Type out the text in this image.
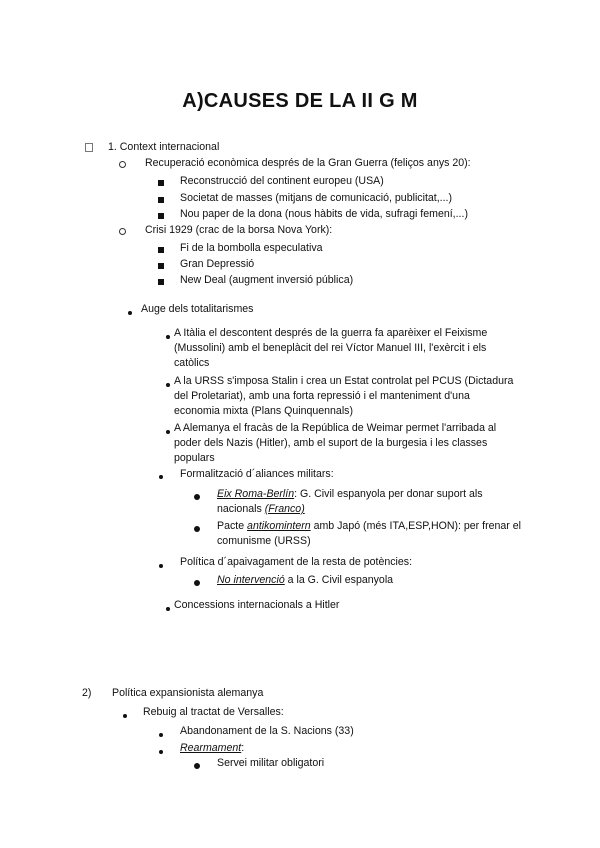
A)CAUSES DE LA II G M
1. Context internacional
Recuperació econòmica després de la Gran Guerra (feliços anys 20):
Reconstrucció del continent europeu (USA)
Societat de masses (mitjans de comunicació, publicitat,...)
Nou paper de la dona (nous hàbits de vida, sufragi femení,...)
Crisi 1929 (crac de la borsa Nova York):
Fi de la bombolla especulativa
Gran Depressió
New Deal (augment inversió pública)
Auge dels totalitarismes
A Itàlia el descontent després de la guerra fa aparèixer el Feixisme (Mussolini) amb el beneplàcit del rei Víctor Manuel III, l'exèrcit i els catòlics
A la URSS s'imposa Stalin i crea un Estat controlat pel PCUS (Dictadura del Proletariat), amb una forta repressió i el manteniment d'una economia mixta (Plans Quinquennals)
A Alemanya el fracàs de la República de Weimar permet l'arribada al poder dels Nazis (Hitler), amb el suport de la burgesia i les classes populars
Formalització d´aliances militars:
Eix Roma-Berlín: G. Civil espanyola per donar suport als nacionals (Franco)
Pacte antikomintern amb Japó (més ITA,ESP,HON): per frenar el comunisme (URSS)
Política d´apaivagament de la resta de potències:
No intervenció a la G. Civil espanyola
Concessions internacionals a Hitler
2) Política expansionista alemanya
Rebuig al tractat de Versalles:
Abandonament de la S. Nacions (33)
Rearmament:
Servei militar obligatori
